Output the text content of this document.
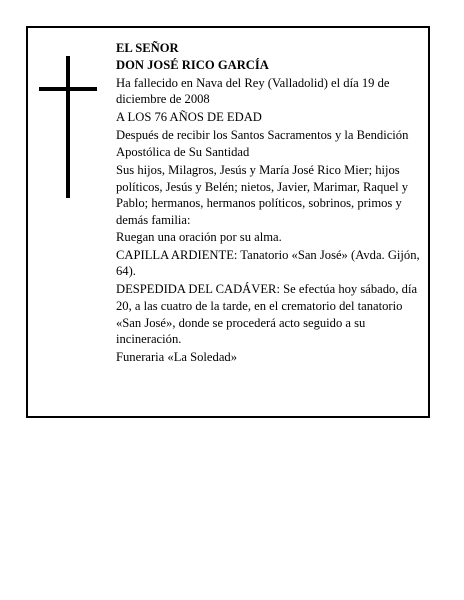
EL SEÑOR

DON JOSÉ RICO GARCÍA

Ha fallecido en Nava del Rey (Valladolid) el día 19 de diciembre de 2008

A LOS 76 AÑOS DE EDAD

Después de recibir los Santos Sacramentos y la Bendición Apostólica de Su Santidad

Sus hijos, Milagros, Jesús y María José Rico Mier; hijos políticos, Jesús y Belén; nietos, Javier, Marimar, Raquel y Pablo; hermanos, hermanos políticos, sobrinos, primos y demás familia:

Ruegan una oración por su alma.

CAPILLA ARDIENTE: Tanatorio «San José» (Avda. Gijón, 64).

DESPEDIDA DEL CADÁVER: Se efectúa hoy sábado, día 20, a las cuatro de la tarde, en el crematorio del tanatorio «San José», donde se procederá acto seguido a su incineración.

Funeraria «La Soledad»
